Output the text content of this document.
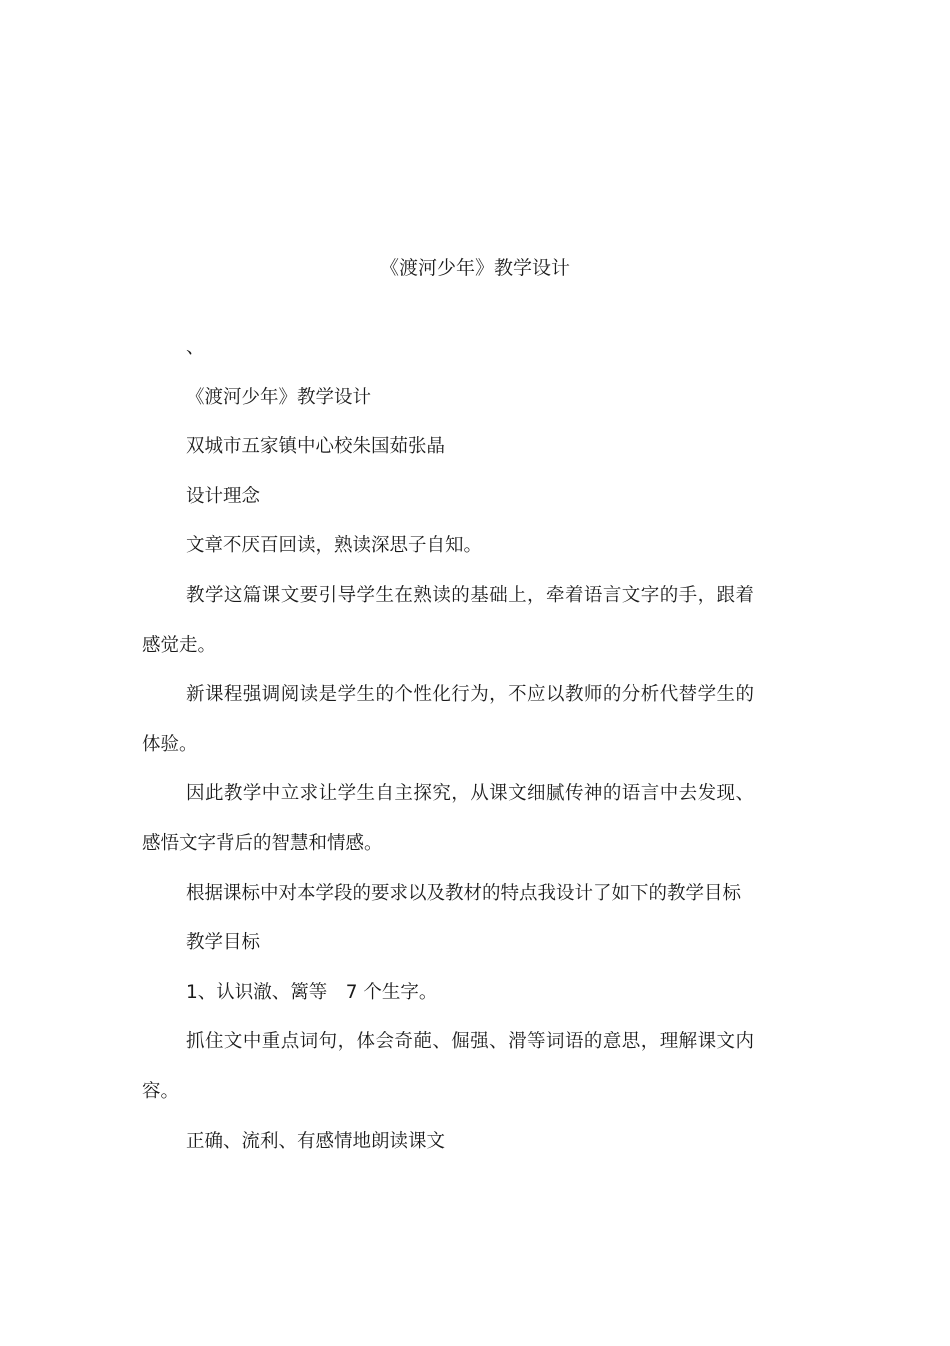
《渡河少年》教学设计

、

《渡河少年》教学设计

双城市五家镇中心校朱国茹张晶

设计理念

文章不厌百回读，熟读深思子自知。

教学这篇课文要引导学生在熟读的基础上，牵着语言文字的手，跟着感觉走。

新课程强调阅读是学生的个性化行为，不应以教师的分析代替学生的体验。

因此教学中立求让学生自主探究，从课文细腻传神的语言中去发现、感悟文字背后的智慧和情感。

根据课标中对本学段的要求以及教材的特点我设计了如下的教学目标

教学目标

1、认识澈、篱等　7 个生字。

抓住文中重点词句，体会奇葩、倔强、滑等词语的意思，理解课文内容。

正确、流利、有感情地朗读课文
